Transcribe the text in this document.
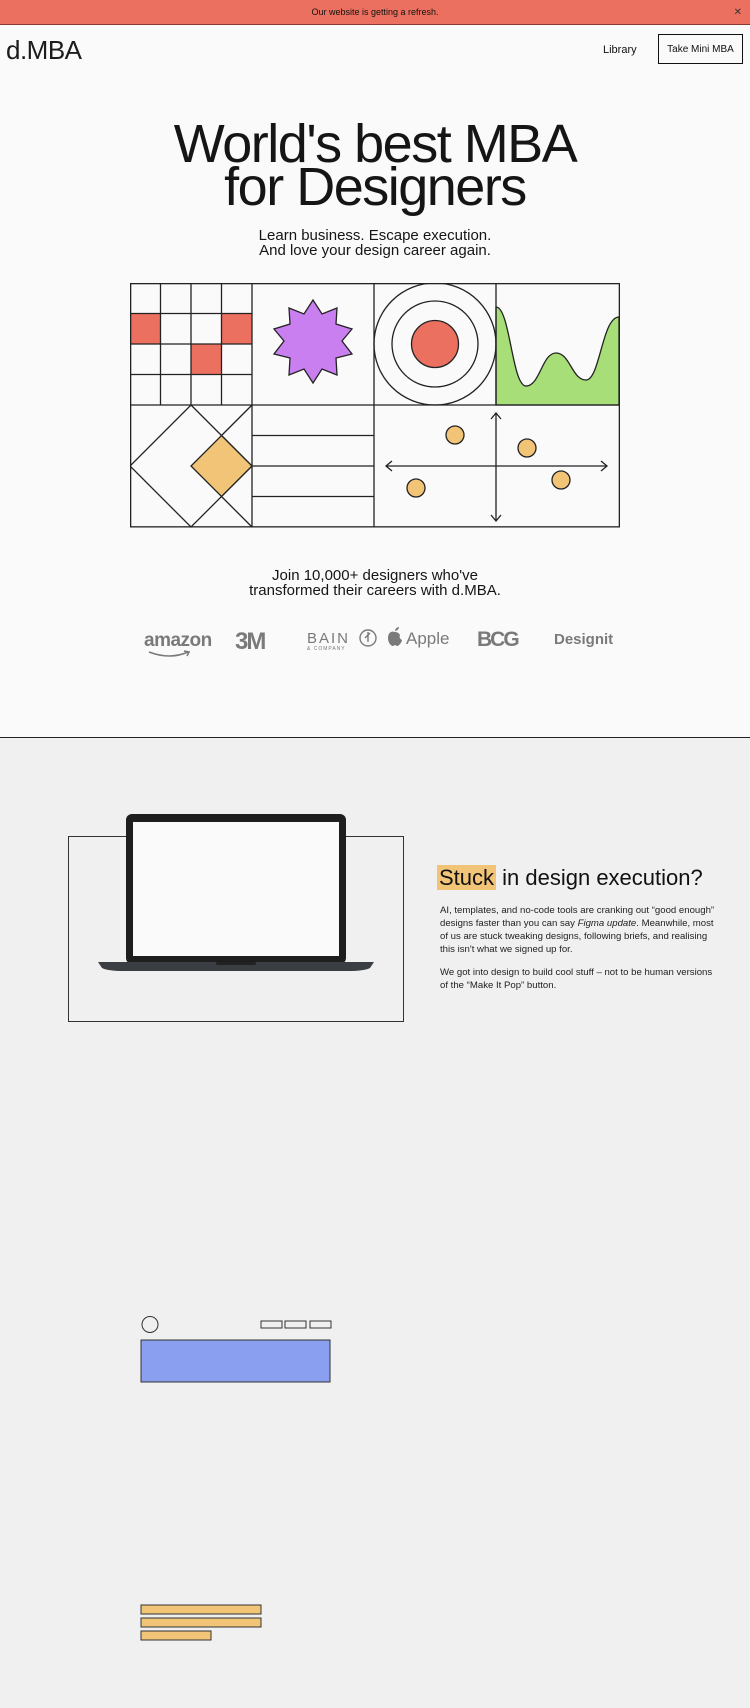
Our website is getting a refresh.	✕
d.MBA	Library	Take Mini MBA
World's best MBA
for Designers
Learn business. Escape execution.
And love your design career again.
Join 10,000+ designers who've
transformed their careers with d.MBA.
amazon 3M	BAIN
& COMPANY
Apple BCG Designit
Stuck in design execution?

AI, templates, and no-code tools are cranking out “good enough” designs faster than you can say Figma update. Meanwhile, most of us are stuck tweaking designs, following briefs, and realising this isn't what we signed up for.

We got into design to build cool stuff – not to be human versions of the “Make It Pop” button.
